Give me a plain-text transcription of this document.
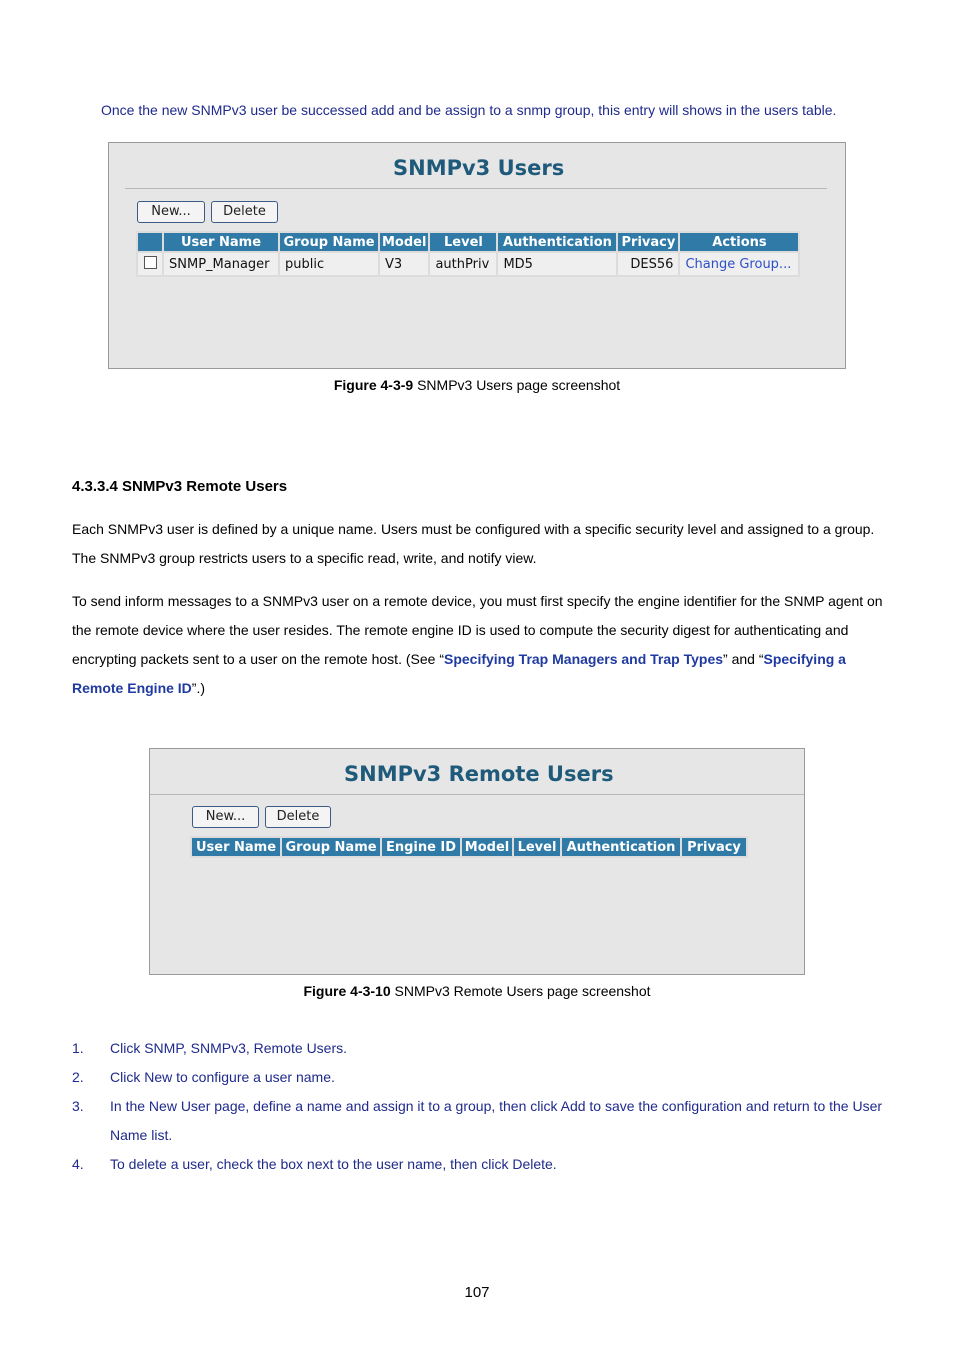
Once the new SNMPv3 user be successed add and be assign to a snmp group, this entry will shows in the users table.
SNMPv3 Users
New...	Delete
	User Name	Group Name	Model	Level	Authentication	Privacy	Actions
	SNMP_Manager	public	V3	authPriv	MD5	DES56	Change Group...
Figure 4-3-9 SNMPv3 Users page screenshot
4.3.3.4 SNMPv3 Remote Users
Each SNMPv3 user is defined by a unique name. Users must be configured with a specific security level and assigned to a group. The SNMPv3 group restricts users to a specific read, write, and notify view.
To send inform messages to a SNMPv3 user on a remote device, you must first specify the engine identifier for the SNMP agent on the remote device where the user resides. The remote engine ID is used to compute the security digest for authenticating and encrypting packets sent to a user on the remote host. (See “Specifying Trap Managers and Trap Types” and “Specifying a Remote Engine ID”.)
SNMPv3 Remote Users
New...	Delete
User Name	Group Name	Engine ID	Model	Level	Authentication	Privacy
Figure 4-3-10 SNMPv3 Remote Users page screenshot
1. Click SNMP, SNMPv3, Remote Users.
2. Click New to configure a user name.
3. In the New User page, define a name and assign it to a group, then click Add to save the configuration and return to the User Name list.
4. To delete a user, check the box next to the user name, then click Delete.
107
